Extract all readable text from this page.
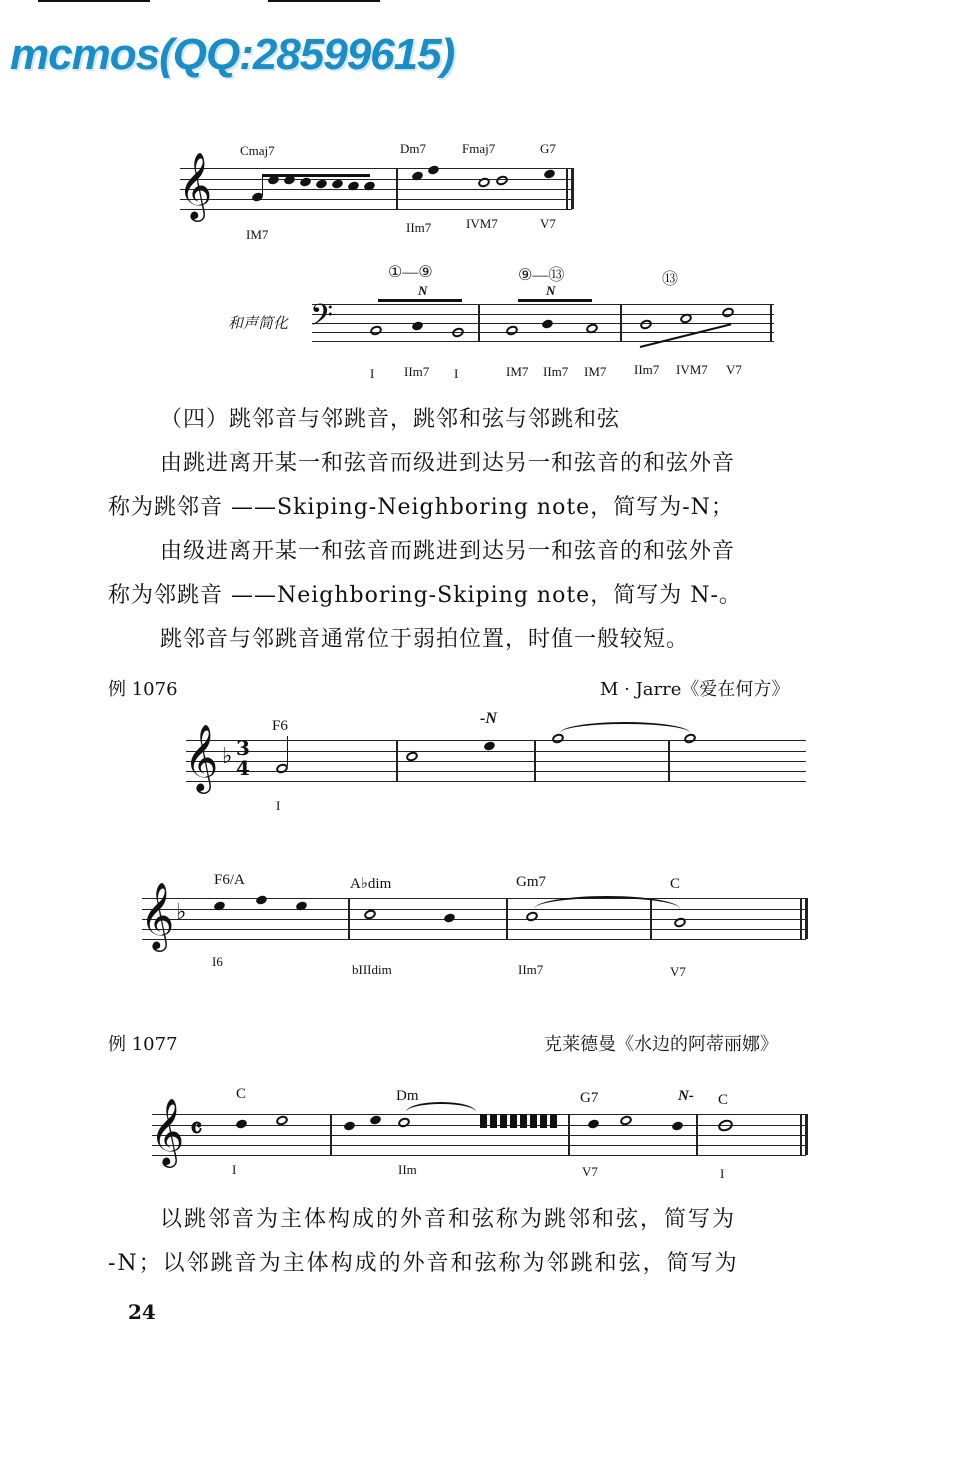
mcmos(QQ:28599615)
Cmaj7	Dm7	Fmaj7	G7
𝄞
IM7	IIm7	IVM7	V7
①—⑨	⑨—⑬	⑬
N	N
和声简化 𝄢
I IIm7 I	IM7 IIm7 IM7 IIm7 IVM7 V7
（四）跳邻音与邻跳音，跳邻和弦与邻跳和弦
由跳进离开某一和弦音而级进到达另一和弦音的和弦外音
称为跳邻音 ——Skiping-Neighboring note，简写为-N；
由级进离开某一和弦音而跳进到达另一和弦音的和弦外音
称为邻跳音 ——Neighboring-Skiping note，简写为 N-。
跳邻音与邻跳音通常位于弱拍位置，时值一般较短。
例 1076	M · Jarre《爱在何方》
F6	-N
𝄞 ♭ 3 4
I
F6/A	A♭dim	Gm7	C
𝄞 ♭
I6
bIIIdim	IIm7	V7
例 1077	克莱德曼《水边的阿蒂丽娜》
C	Dm	G7	N- C
𝄞 𝄴
I	IIm	V7	I
以跳邻音为主体构成的外音和弦称为跳邻和弦，简写为
-N；以邻跳音为主体构成的外音和弦称为邻跳和弦，简写为
24
